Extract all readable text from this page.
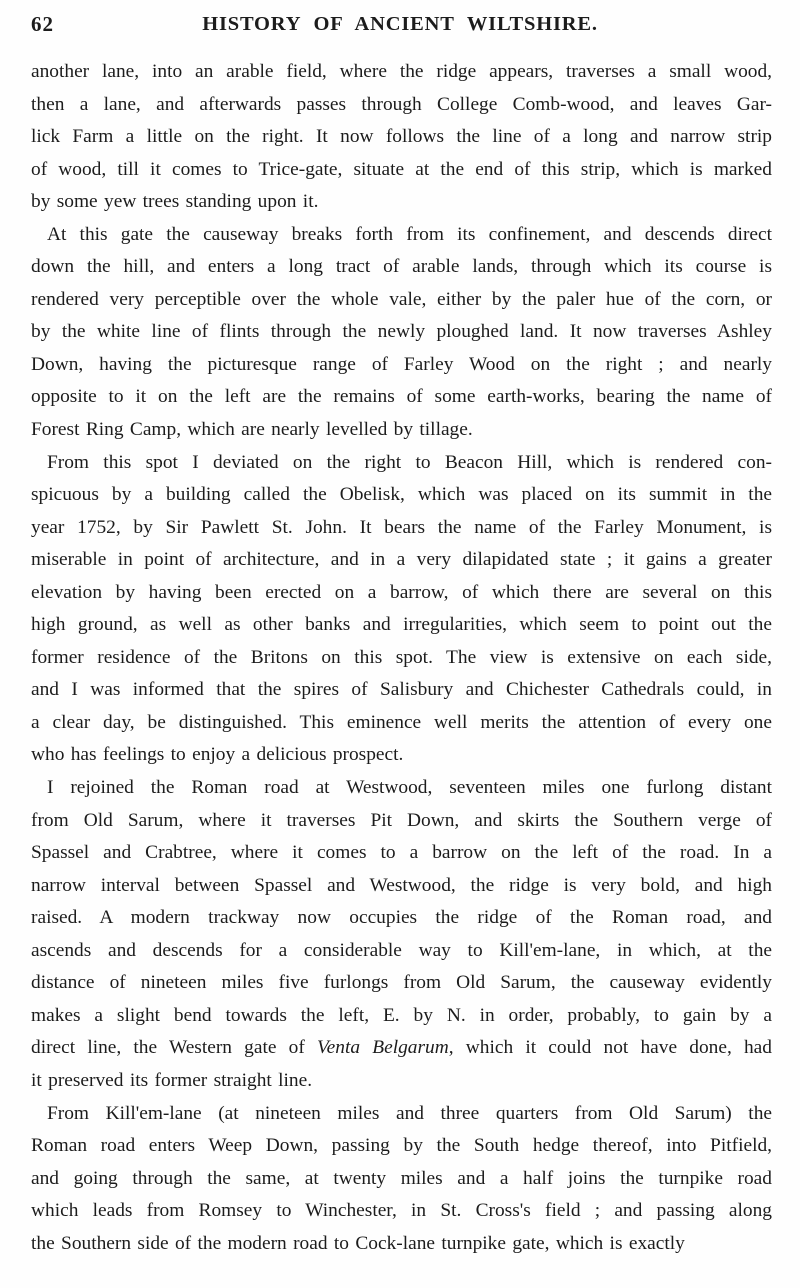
62	HISTORY OF ANCIENT WILTSHIRE.
another lane, into an arable field, where the ridge appears, traverses a small wood,
then a lane, and afterwards passes through College Comb-wood, and leaves Gar-
lick Farm a little on the right. It now follows the line of a long and narrow strip
of wood, till it comes to Trice-gate, situate at the end of this strip, which is marked
by some yew trees standing upon it.
At this gate the causeway breaks forth from its confinement, and descends direct
down the hill, and enters a long tract of arable lands, through which its course is
rendered very perceptible over the whole vale, either by the paler hue of the corn, or
by the white line of flints through the newly ploughed land. It now traverses Ashley
Down, having the picturesque range of Farley Wood on the right ; and nearly
opposite to it on the left are the remains of some earth-works, bearing the name of
Forest Ring Camp, which are nearly levelled by tillage.
From this spot I deviated on the right to Beacon Hill, which is rendered con-
spicuous by a building called the Obelisk, which was placed on its summit in the
year 1752, by Sir Pawlett St. John. It bears the name of the Farley Monument, is
miserable in point of architecture, and in a very dilapidated state ; it gains a greater
elevation by having been erected on a barrow, of which there are several on this
high ground, as well as other banks and irregularities, which seem to point out the
former residence of the Britons on this spot. The view is extensive on each side,
and I was informed that the spires of Salisbury and Chichester Cathedrals could, in
a clear day, be distinguished. This eminence well merits the attention of every one
who has feelings to enjoy a delicious prospect.
I rejoined the Roman road at Westwood, seventeen miles one furlong distant
from Old Sarum, where it traverses Pit Down, and skirts the Southern verge of
Spassel and Crabtree, where it comes to a barrow on the left of the road. In a
narrow interval between Spassel and Westwood, the ridge is very bold, and high
raised. A modern trackway now occupies the ridge of the Roman road, and
ascends and descends for a considerable way to Kill'em-lane, in which, at the
distance of nineteen miles five furlongs from Old Sarum, the causeway evidently
makes a slight bend towards the left, E. by N. in order, probably, to gain by a
direct line, the Western gate of Venta Belgarum, which it could not have done, had
it preserved its former straight line.
From Kill'em-lane (at nineteen miles and three quarters from Old Sarum) the
Roman road enters Weep Down, passing by the South hedge thereof, into Pitfield,
and going through the same, at twenty miles and a half joins the turnpike road
which leads from Romsey to Winchester, in St. Cross's field ; and passing along
the Southern side of the modern road to Cock-lane turnpike gate, which is exactly
